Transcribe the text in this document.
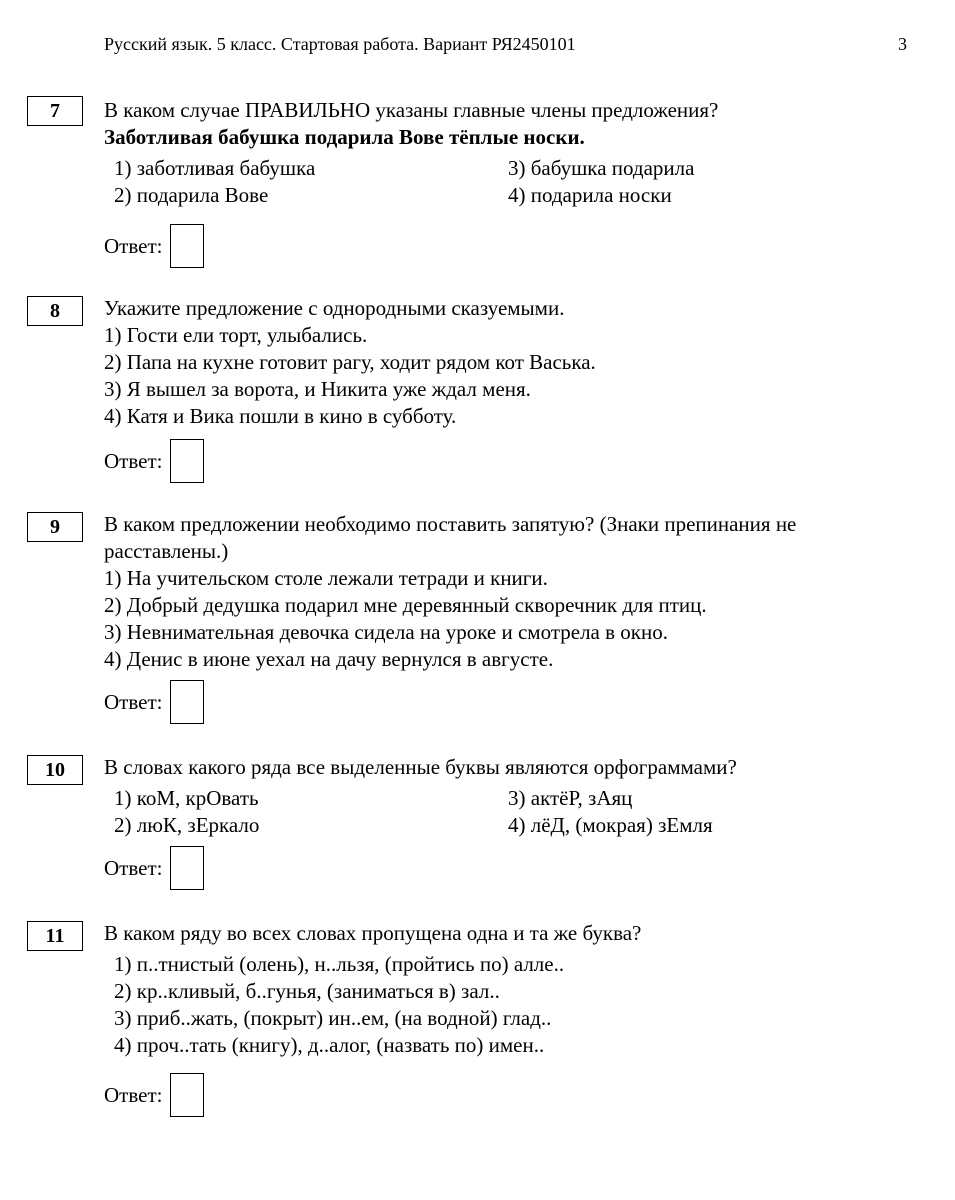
Русский язык. 5 класс. Стартовая работа. Вариант РЯ2450101	3
7	В каком случае ПРАВИЛЬНО указаны главные члены предложения?
Заботливая бабушка подарила Вове тёплые носки.
1) заботливая бабушка
2) подарила Вове
3) бабушка подарила
4) подарила носки
Ответ:
8	Укажите предложение с однородными сказуемыми.
1) Гости ели торт, улыбались.
2) Папа на кухне готовит рагу, ходит рядом кот Васька.
3) Я вышел за ворота, и Никита уже ждал меня.
4) Катя и Вика пошли в кино в субботу.
Ответ:
9	В каком предложении необходимо поставить запятую? (Знаки препинания не расставлены.)
1) На учительском столе лежали тетради и книги.
2) Добрый дедушка подарил мне деревянный скворечник для птиц.
3) Невнимательная девочка сидела на уроке и смотрела в окно.
4) Денис в июне уехал на дачу вернулся в августе.
Ответ:
10	В словах какого ряда все выделенные буквы являются орфограммами?
1) коМ, крОвать
2) люК, зЕркало
3) актёР, зАяц
4) лёД, (мокрая) зЕмля
Ответ:
11	В каком ряду во всех словах пропущена одна и та же буква?
1) п..тнистый (олень), н..льзя, (пройтись по) алле..
2) кр..кливый, б..гунья, (заниматься в) зал..
3) приб..жать, (покрыт) ин..ем, (на водной) глад..
4) проч..тать (книгу), д..алог, (назвать по) имен..
Ответ:
